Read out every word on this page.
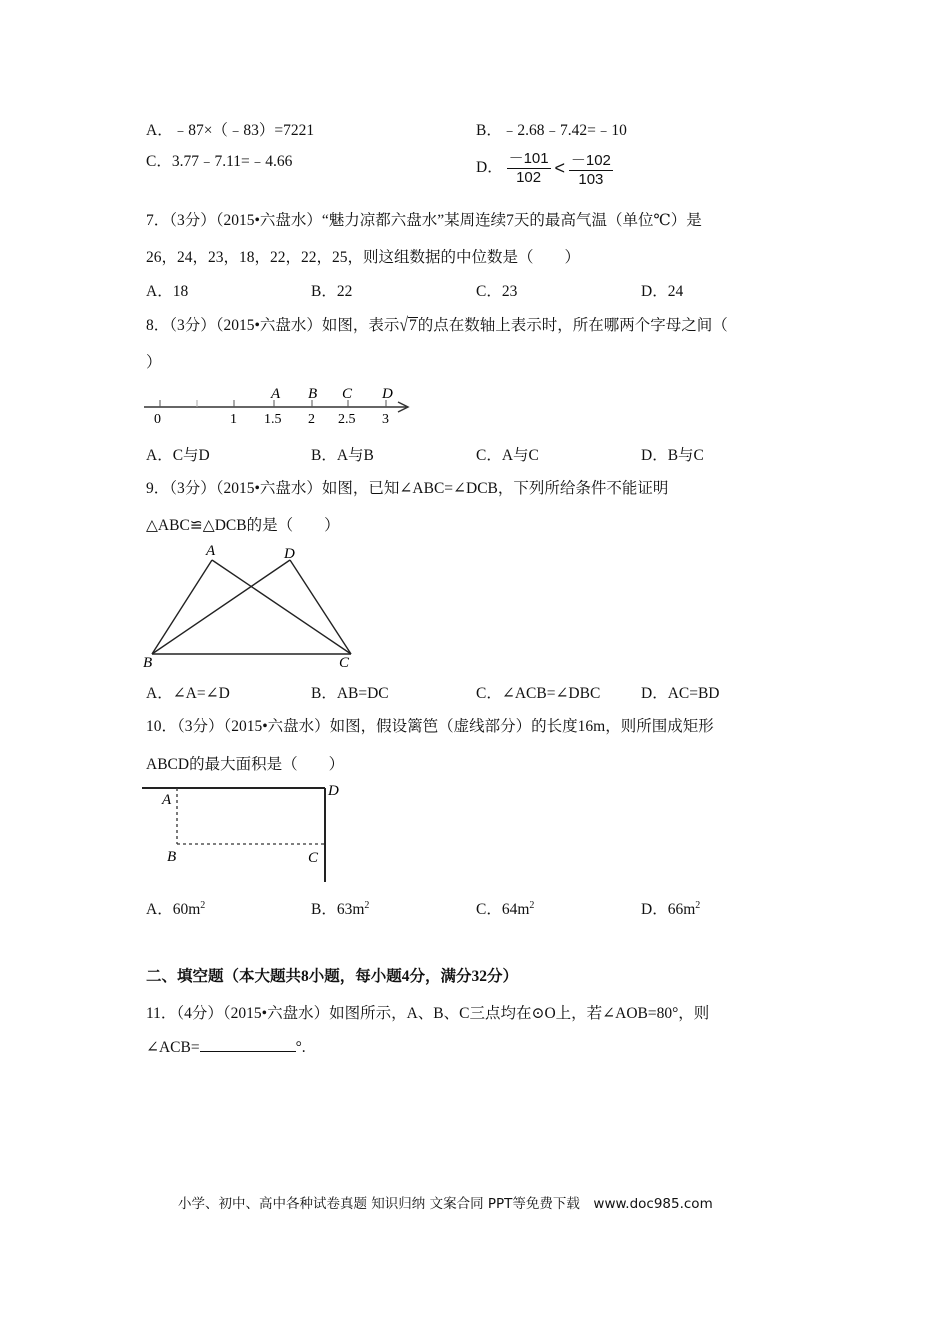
A．﹣87×（﹣83）=7221	B．﹣2.68﹣7.42=﹣10
C．3.77﹣7.11=﹣4.66	D． $\frac{-101}{102} < \frac{-102}{103}$
7．（3分）（2015•六盘水）“魅力凉都六盘水”某周连续7天的最高气温（单位℃）是
26，24，23，18，22，22，25，则这组数据的中位数是（　　）
A．18	B．22	C．23	D．24
8．（3分）（2015•六盘水）如图，表示√7的点在数轴上表示时，所在哪两个字母之间（
）
A B C D
0	1 1.5 2 2.5 3
A．C与D	B．A与B	C．A与C	D．B与C
9．（3分）（2015•六盘水）如图，已知∠ABC=∠DCB，下列所给条件不能证明
△ABC≌△DCB的是（　　）
A	D
B	C
A．∠A=∠D	B．AB=DC	C．∠ACB=∠DBC	D．AC=BD
10．（3分）（2015•六盘水）如图，假设篱笆（虚线部分）的长度16m，则所围成矩形
ABCD的最大面积是（　　）
A
D
B	C
A．$60m^2$	B．$63m^2$	C．$64m^2$	D．$66m^2$
二、填空题（本大题共8小题，每小题4分，满分32分）
11．（4分）（2015•六盘水）如图所示，A、B、C三点均在⊙O上，若∠AOB=80°，则
∠ACB=	°.
小学、初中、高中各种试卷真题 知识归纳 文案合同 PPT等免费下载　www.doc985.com
